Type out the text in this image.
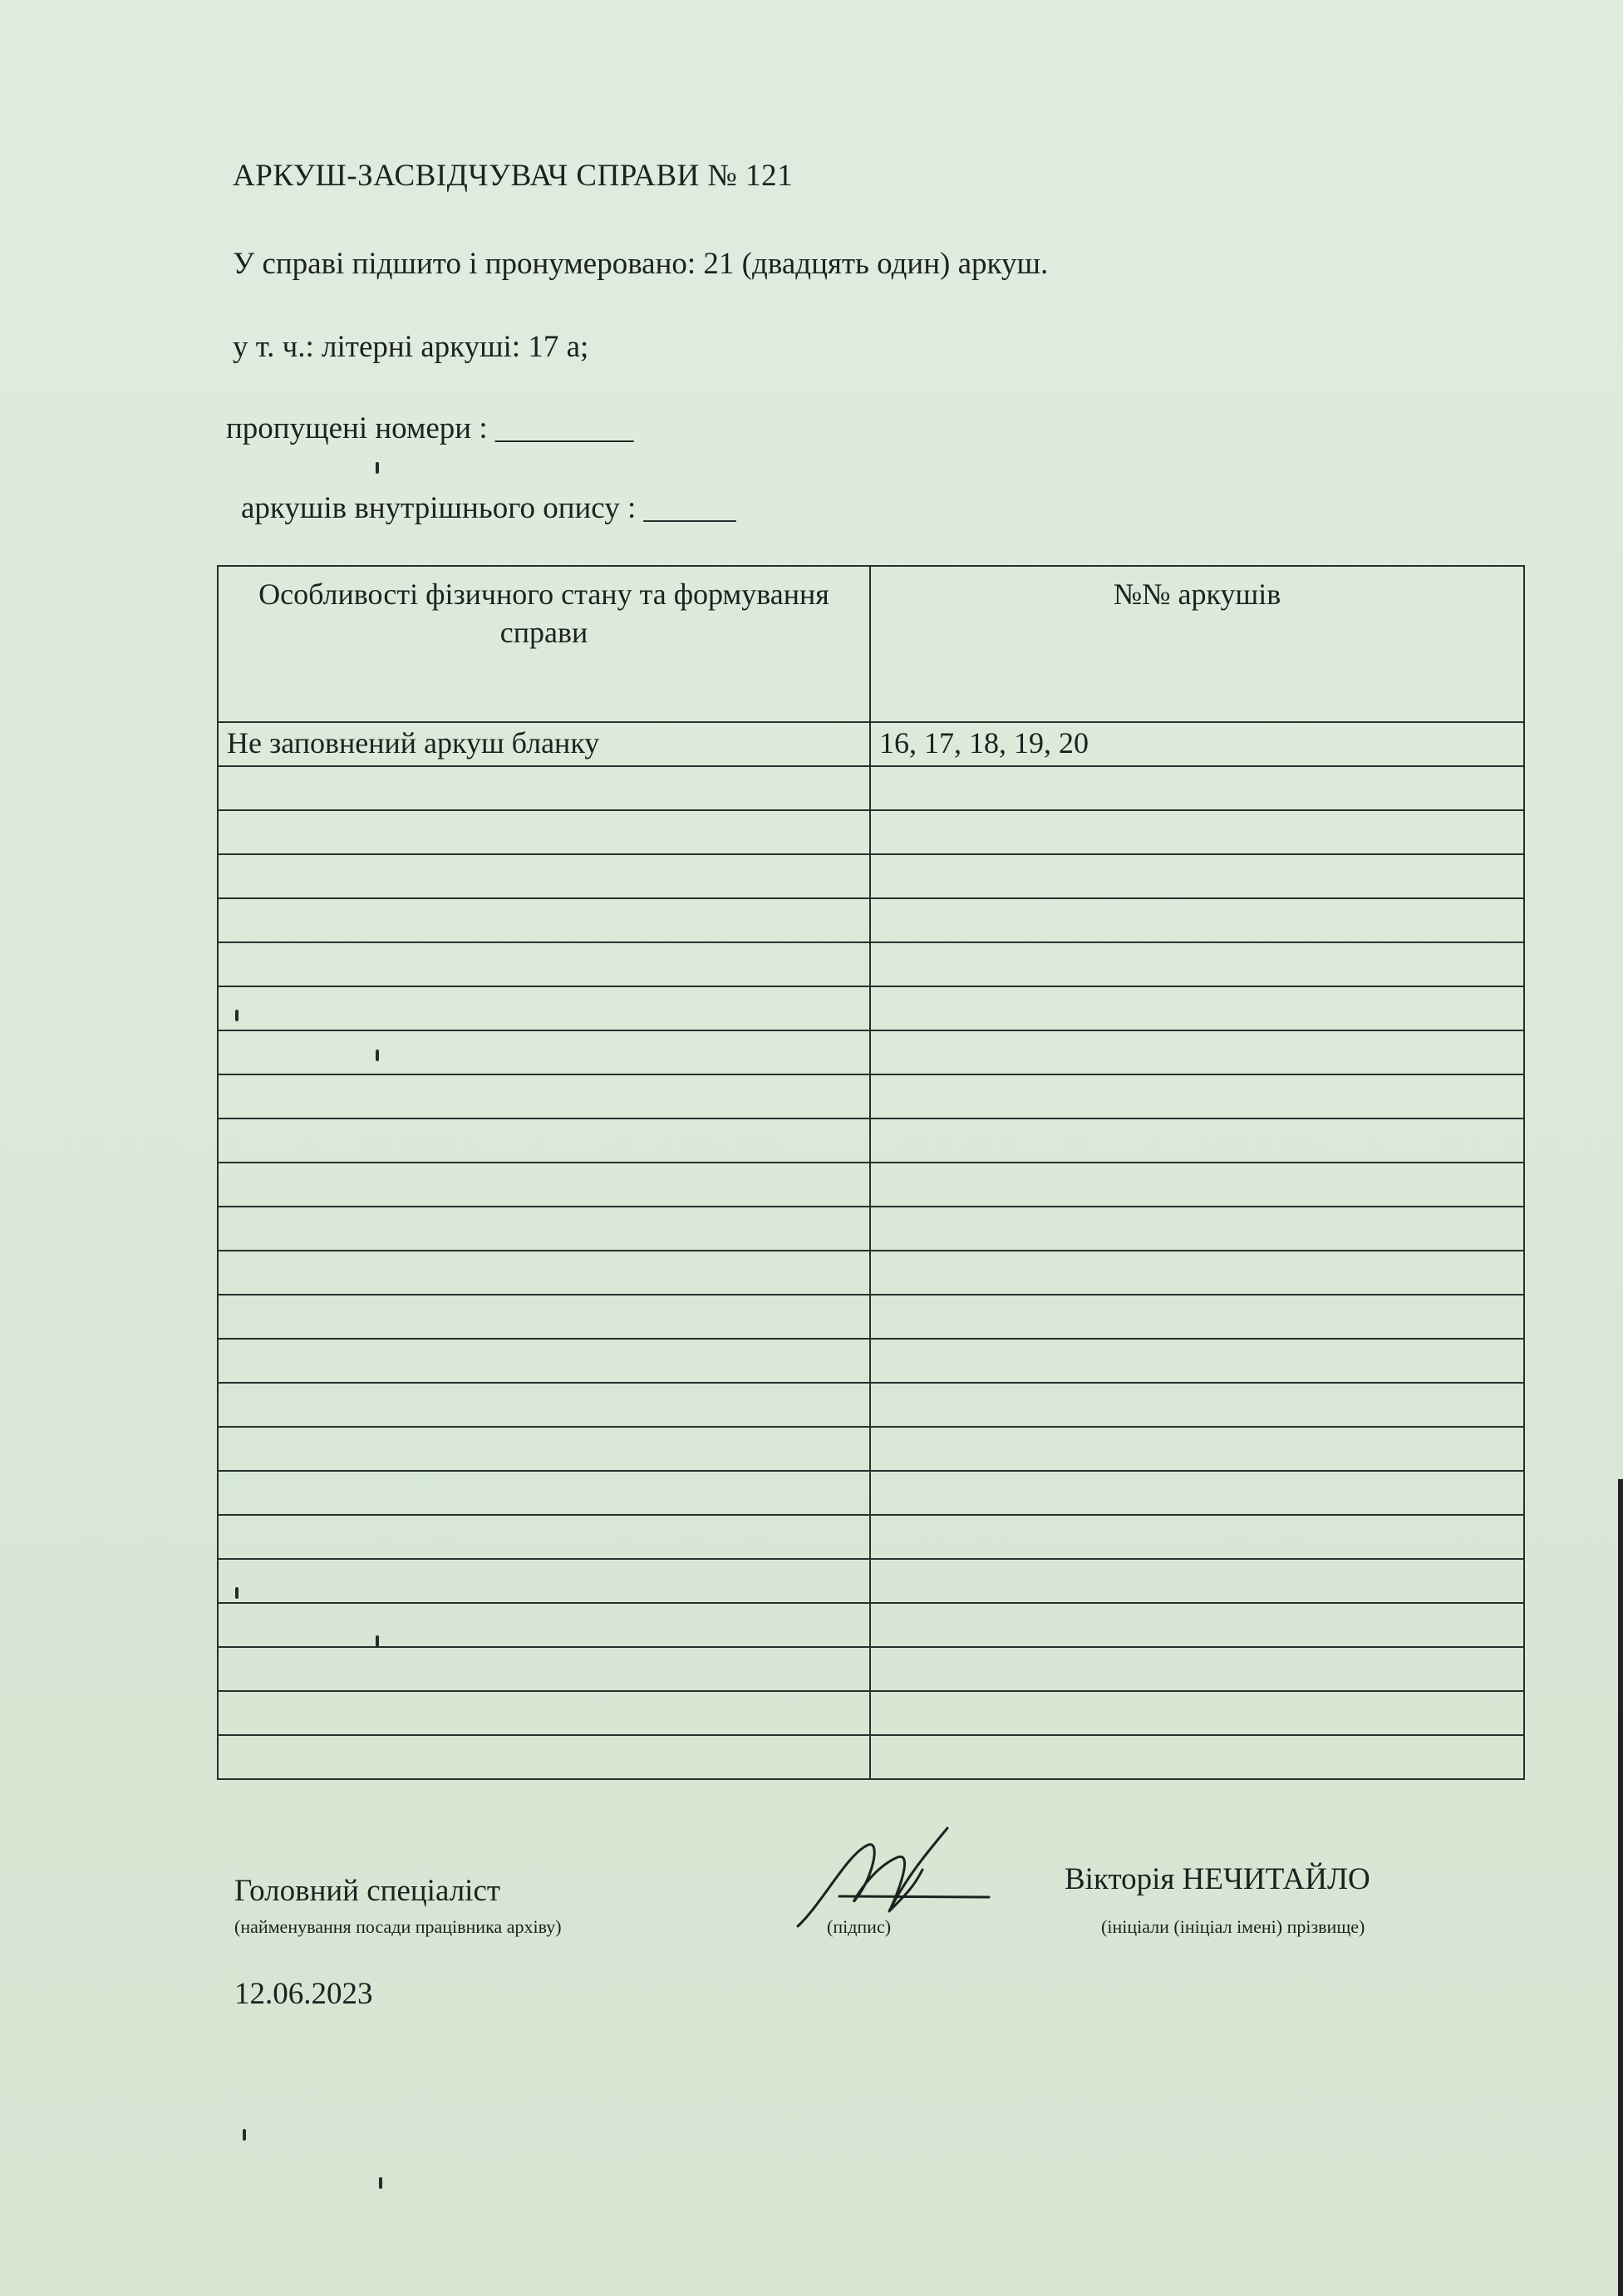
АРКУШ-ЗАСВІДЧУВАЧ СПРАВИ № 121
У справі підшито і пронумеровано: 21 (двадцять один) аркуш.
у т. ч.: літерні аркуші: 17 а;
пропущені номери : _________
аркушів внутрішнього опису : ______
Особливості фізичного стану та формування справи	№№ аркушів
Не заповнений аркуш бланку	16, 17, 18, 19, 20

Головний спеціаліст
(найменування посади працівника архіву)	(підпис)
Вікторія НЕЧИТАЙЛО
(ініціали (ініціал імені) прізвище)
12.06.2023
